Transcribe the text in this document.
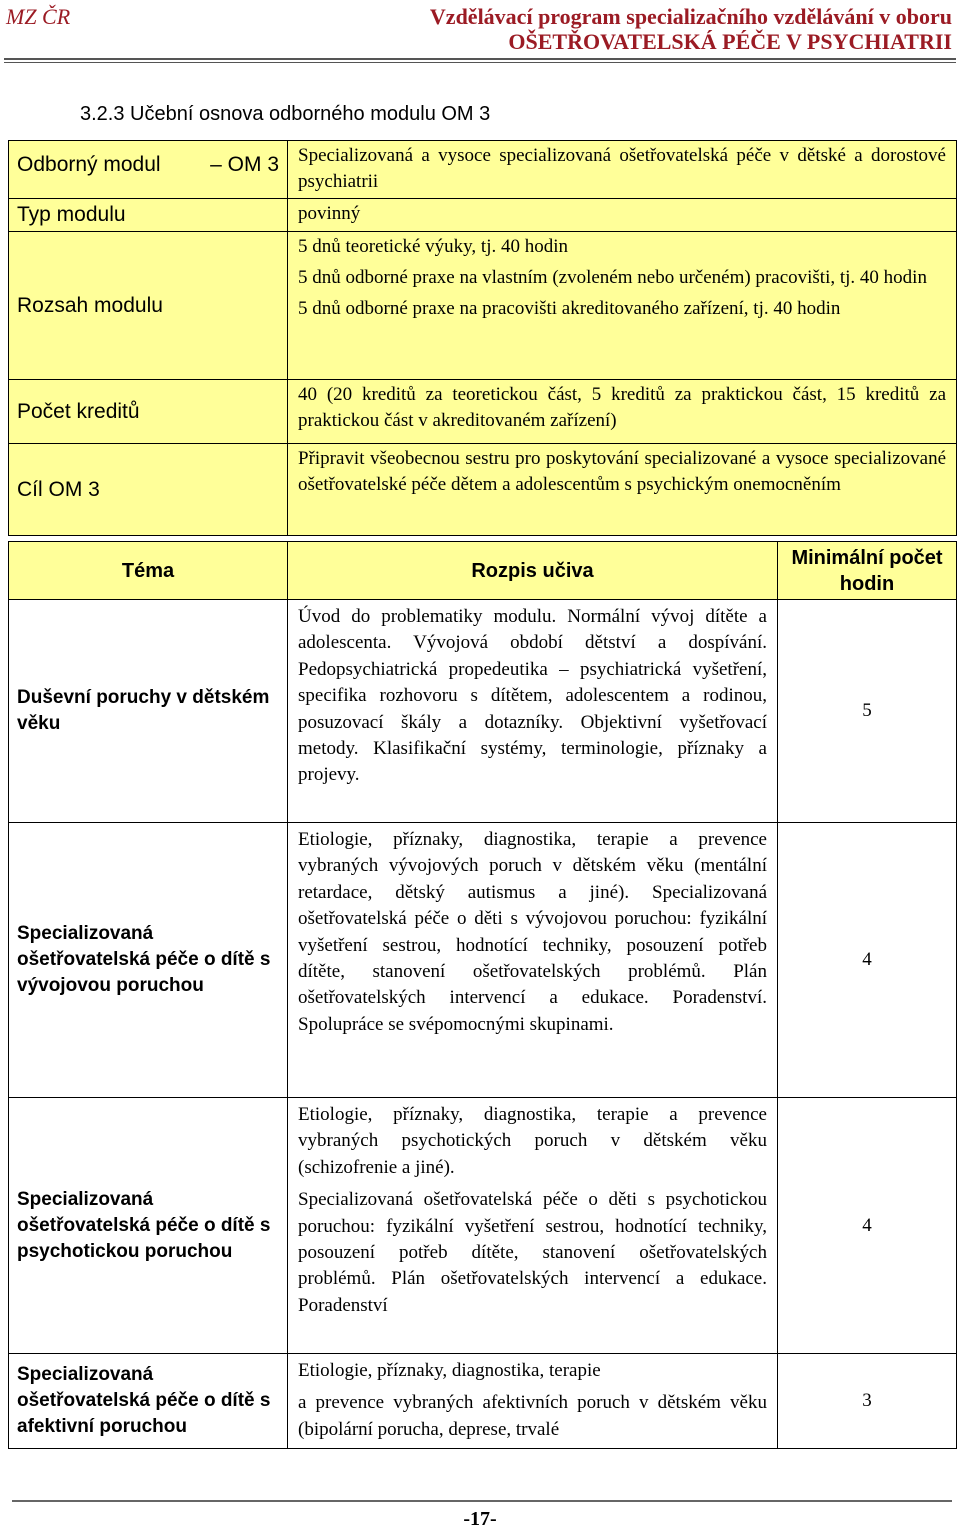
MZ ČR	Vzdělávací program specializačního vzdělávání v oboru
OŠETŘOVATELSKÁ PÉČE V PSYCHIATRII
3.2.3 Učební osnova odborného modulu OM 3
Odborný modul – OM 3	Specializovaná a vysoce specializovaná ošetřovatelská péče v dětské a dorostové psychiatrii
Typ modulu	povinný
Rozsah modulu	5 dnů teoretické výuky, tj. 40 hodin
5 dnů odborné praxe na vlastním (zvoleném nebo určeném) pracovišti, tj. 40 hodin
5 dnů odborné praxe na pracovišti akreditovaného zařízení, tj. 40 hodin

Počet kreditů	40 (20 kreditů za teoretickou část, 5 kreditů za praktickou část, 15 kreditů za praktickou část v akreditovaném zařízení)
Cíl OM 3	Připravit všeobecnou sestru pro poskytování specializované a vysoce specializované ošetřovatelské péče dětem a adolescentům s psychickým onemocněním
Téma	Rozpis učiva	Minimální počet hodin
Duševní poruchy v dětském věku	Úvod do problematiky modulu. Normální vývoj dítěte a adolescenta. Vývojová období dětství a dospívání. Pedopsychiatrická propedeutika – psychiatrická vyšetření, specifika rozhovoru s dítětem, adolescentem a rodinou, posuzovací škály a dotazníky. Objektivní vyšetřovací metody. Klasifikační systémy, terminologie, příznaky a projevy.	5
Specializovaná ošetřovatelská péče o dítě s vývojovou poruchou	Etiologie, příznaky, diagnostika, terapie a prevence vybraných vývojových poruch v dětském věku (mentální retardace, dětský autismus a jiné). Specializovaná ošetřovatelská péče o děti s vývojovou poruchou: fyzikální vyšetření sestrou, hodnotící techniky, posouzení potřeb dítěte, stanovení ošetřovatelských problémů. Plán ošetřovatelských intervencí a edukace. Poradenství. Spolupráce se svépomocnými skupinami.	4
Specializovaná ošetřovatelská péče o dítě s psychotickou poruchou	Etiologie, příznaky, diagnostika, terapie a prevence vybraných psychotických poruch v dětském věku (schizofrenie a jiné).
Specializovaná ošetřovatelská péče o děti s psychotickou poruchou: fyzikální vyšetření sestrou, hodnotící techniky, posouzení potřeb dítěte, stanovení ošetřovatelských problémů. Plán ošetřovatelských intervencí a edukace. Poradenství	4
Specializovaná ošetřovatelská péče o dítě s afektivní poruchou	Etiologie, příznaky, diagnostika, terapie
a prevence vybraných afektivních poruch v dětském věku (bipolární porucha, deprese, trvalé	3
-17-
